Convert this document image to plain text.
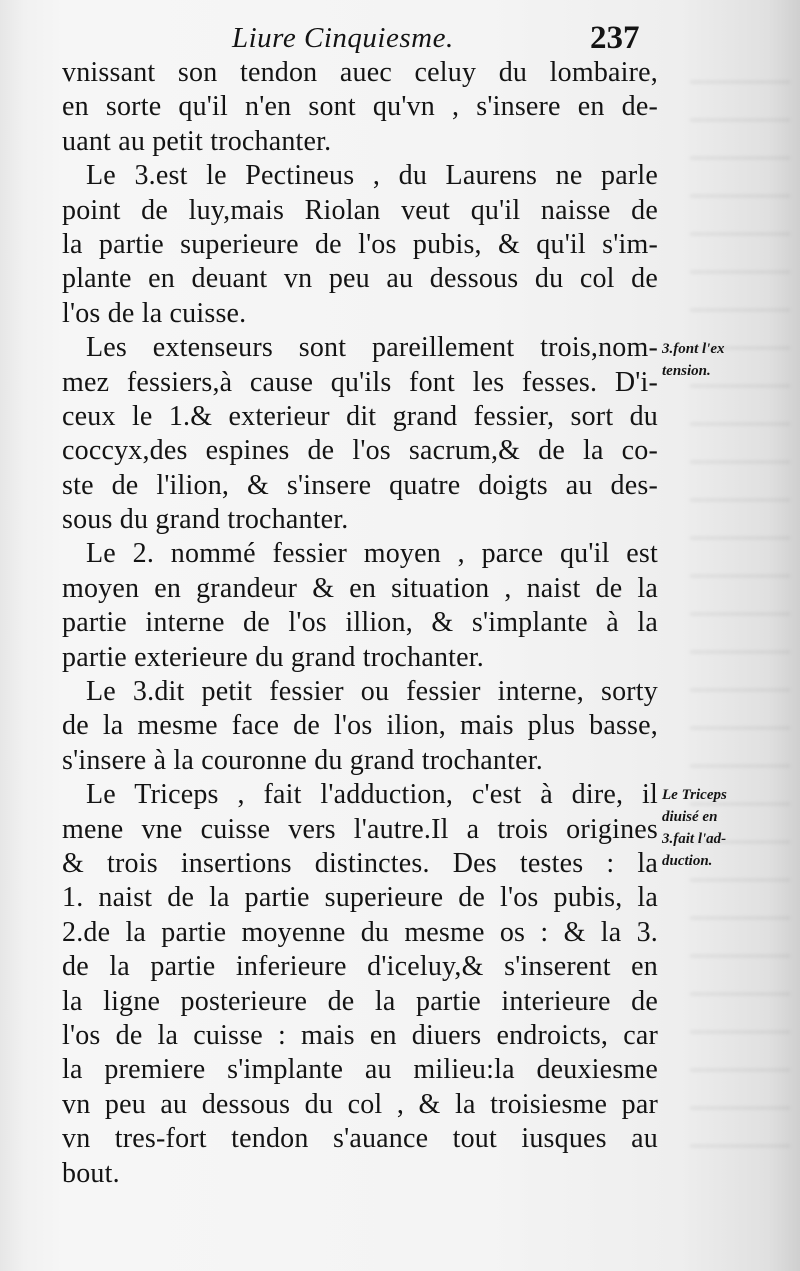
Liure Cinquiesme.	237
vnissant son tendon auec celuy du lombaire,
en sorte qu'il n'en sont qu'vn , s'insere en de-
uant au petit trochanter.
Le 3.est le Pectineus , du Laurens ne parle
point de luy,mais Riolan veut qu'il naisse de
la partie superieure de l'os pubis, & qu'il s'im-
plante en deuant vn peu au dessous du col de
l'os de la cuisse.
Les extenseurs sont pareillement trois,nom-
mez fessiers,à cause qu'ils font les fesses. D'i-
ceux le 1.& exterieur dit grand fessier, sort du
coccyx,des espines de l'os sacrum,& de la co-
ste de l'ilion, & s'insere quatre doigts au des-
sous du grand trochanter.
Le 2. nommé fessier moyen , parce qu'il est
moyen en grandeur & en situation , naist de la
partie interne de l'os illion, & s'implante à la
partie exterieure du grand trochanter.
Le 3.dit petit fessier ou fessier interne, sorty
de la mesme face de l'os ilion, mais plus basse,
s'insere à la couronne du grand trochanter.
Le Triceps , fait l'adduction, c'est à dire, il
mene vne cuisse vers l'autre.Il a trois origines
& trois insertions distinctes. Des testes : la
1. naist de la partie superieure de l'os pubis, la
2.de la partie moyenne du mesme os : & la 3.
de la partie inferieure d'iceluy,& s'inserent en
la ligne posterieure de la partie interieure de
l'os de la cuisse : mais en diuers endroicts, car
la premiere s'implante au milieu:la deuxiesme
vn peu au dessous du col , & la troisiesme par
vn tres-fort tendon s'auance tout iusques au
bout.
3.font l'ex
tension.
Le Triceps
diuisé en
3.fait l'ad-
duction.
